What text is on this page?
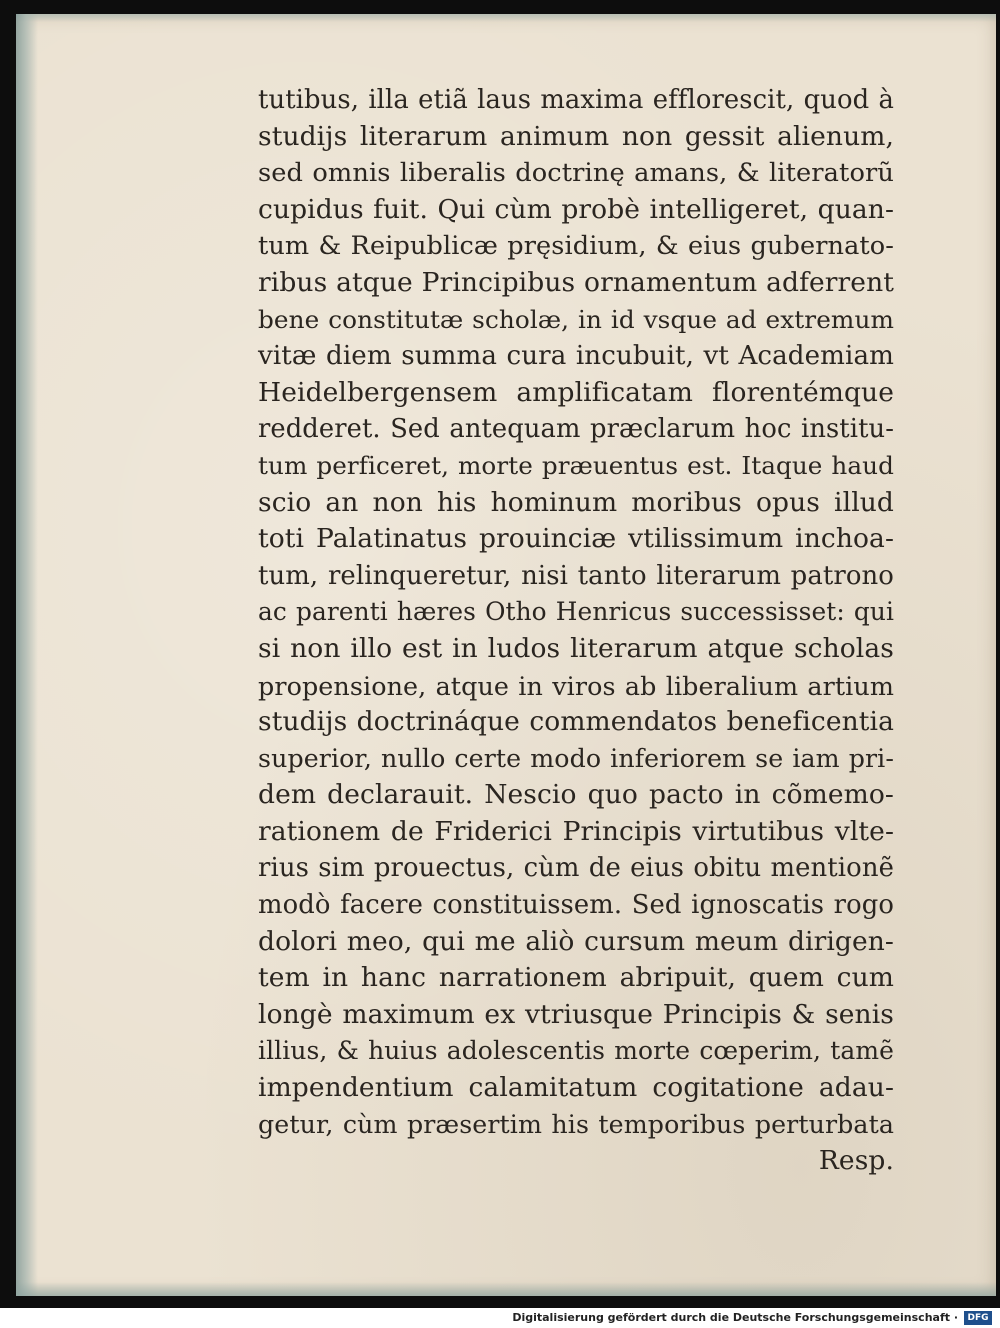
tutibus, illa etiã laus maxima efflorescit, quod à
studijs literarum animum non gessit alienum,
sed omnis liberalis doctrinę amans, & literatorũ
cupidus fuit. Qui cùm probè intelligeret, quan-
tum & Reipublicæ pręsidium, & eius gubernato-
ribus atque Principibus ornamentum adferrent
bene constitutæ scholæ, in id vsque ad extremum
vitæ diem summa cura incubuit, vt Academiam
Heidelbergensem amplificatam florentémque
redderet. Sed antequam præclarum hoc institu-
tum perficeret, morte præuentus est. Itaque haud
scio an non his hominum moribus opus illud
toti Palatinatus prouinciæ vtilissimum inchoa-
tum, relinqueretur, nisi tanto literarum patrono
ac parenti hæres Otho Henricus successisset: qui
si non illo est in ludos literarum atque scholas
propensione, atque in viros ab liberalium artium
studijs doctrináque commendatos beneficentia
superior, nullo certe modo inferiorem se iam pri-
dem declarauit. Nescio quo pacto in cõmemo-
rationem de Friderici Principis virtutibus vlte-
rius sim prouectus, cùm de eius obitu mentionẽ
modò facere constituissem. Sed ignoscatis rogo
dolori meo, qui me aliò cursum meum dirigen-
tem in hanc narrationem abripuit, quem cum
longè maximum ex vtriusque Principis & senis
illius, & huius adolescentis morte cœperim, tamẽ
impendentium calamitatum cogitatione adau-
getur, cùm præsertim his temporibus perturbata
Resp.
Digitalisierung gefördert durch die Deutsche Forschungsgemeinschaft ·	DFG
